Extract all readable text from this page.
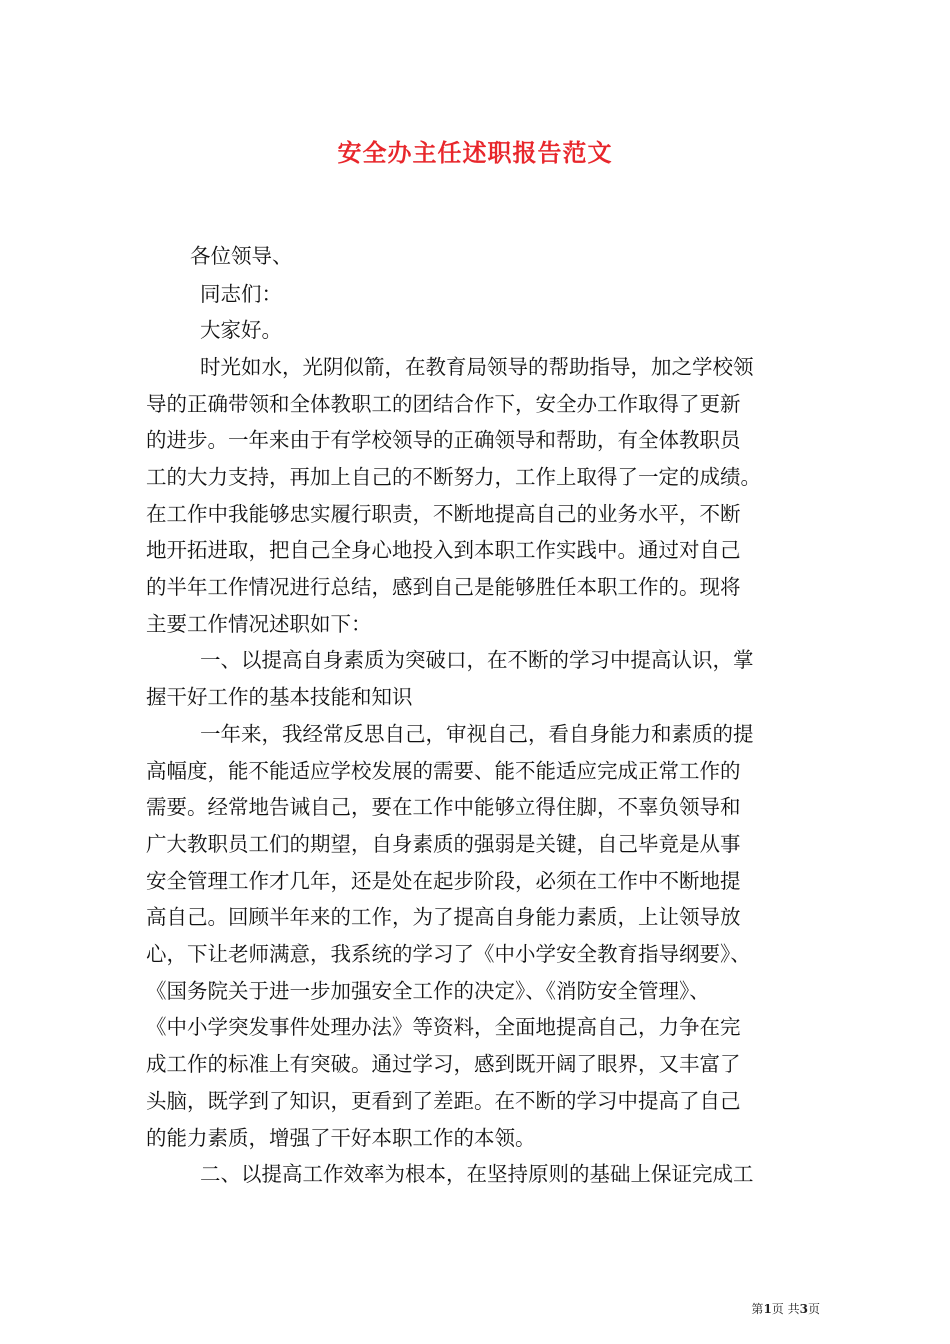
安全办主任述职报告范文
各位领导、
同志们：
大家好。
时光如水，光阴似箭，在教育局领导的帮助指导，加之学校领
导的正确带领和全体教职工的团结合作下，安全办工作取得了更新
的进步。一年来由于有学校领导的正确领导和帮助，有全体教职员
工的大力支持，再加上自己的不断努力，工作上取得了一定的成绩。
在工作中我能够忠实履行职责，不断地提高自己的业务水平，不断
地开拓进取，把自己全身心地投入到本职工作实践中。通过对自己
的半年工作情况进行总结，感到自己是能够胜任本职工作的。现将
主要工作情况述职如下：
一、以提高自身素质为突破口，在不断的学习中提高认识，掌
握干好工作的基本技能和知识
一年来，我经常反思自己，审视自己，看自身能力和素质的提
高幅度，能不能适应学校发展的需要、能不能适应完成正常工作的
需要。经常地告诫自己，要在工作中能够立得住脚，不辜负领导和
广大教职员工们的期望，自身素质的强弱是关键，自己毕竟是从事
安全管理工作才几年，还是处在起步阶段，必须在工作中不断地提
高自己。回顾半年来的工作，为了提高自身能力素质，上让领导放
心，下让老师满意，我系统的学习了《中小学安全教育指导纲要》、
《国务院关于进一步加强安全工作的决定》、《消防安全管理》、
《中小学突发事件处理办法》等资料，全面地提高自己，力争在完
成工作的标准上有突破。通过学习，感到既开阔了眼界，又丰富了
头脑，既学到了知识，更看到了差距。在不断的学习中提高了自己
的能力素质，增强了干好本职工作的本领。
二、以提高工作效率为根本，在坚持原则的基础上保证完成工
第1页 共3页
